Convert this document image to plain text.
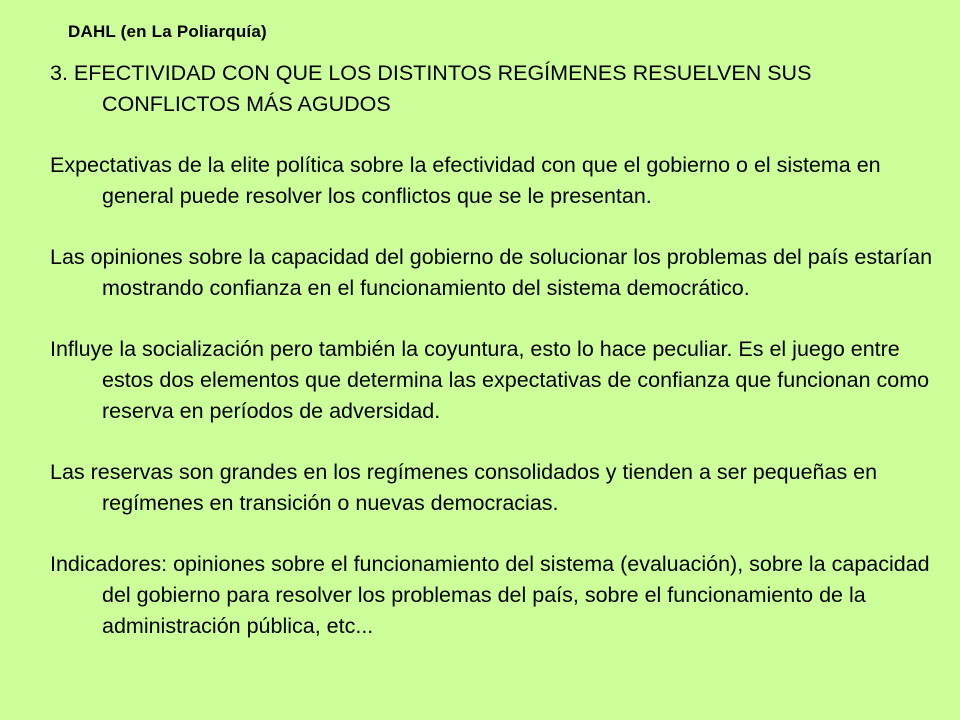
DAHL (en La Poliarquía)

3. EFECTIVIDAD CON QUE LOS DISTINTOS REGÍMENES RESUELVEN SUS CONFLICTOS MÁS AGUDOS

Expectativas de la elite política sobre la efectividad con que el gobierno o el sistema en general puede resolver los conflictos que se le presentan.

Las opiniones sobre la capacidad del gobierno de solucionar los problemas del país estarían mostrando confianza en el funcionamiento del sistema democrático.

Influye la socialización pero también la coyuntura, esto lo hace peculiar. Es el juego entre estos dos elementos que determina las expectativas de confianza que funcionan como reserva en períodos de adversidad.

Las reservas son grandes en los regímenes consolidados y tienden a ser pequeñas en regímenes en transición o nuevas democracias.

Indicadores: opiniones sobre el funcionamiento del sistema (evaluación), sobre la capacidad del gobierno para resolver los problemas del país, sobre el funcionamiento de la administración pública, etc...
